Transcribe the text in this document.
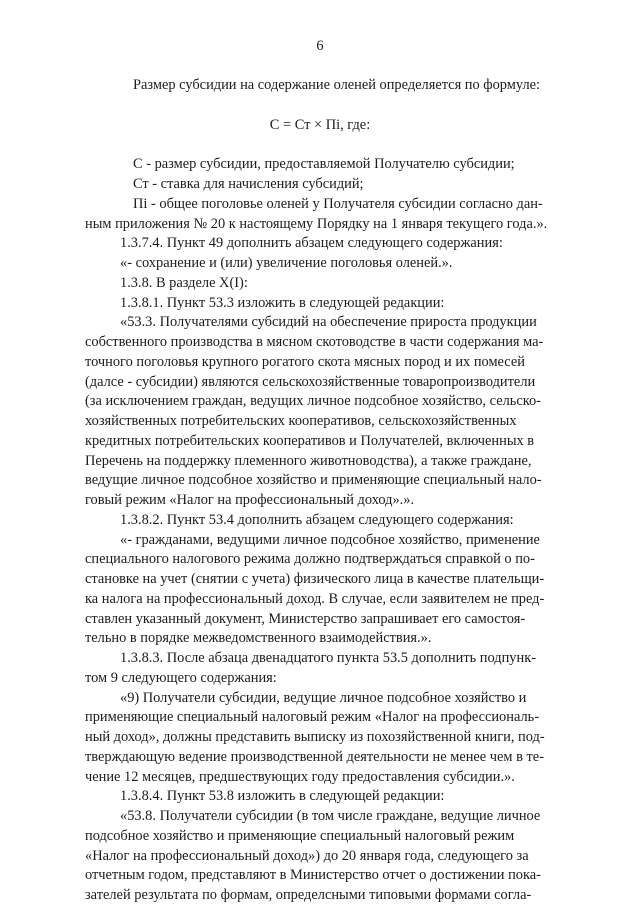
6
Размер субсидии на содержание оленей определяется по формуле:
С = Ст × Пi, где:
С - размер субсидии, предоставляемой Получателю субсидии;
Ст - ставка для начисления субсидий;
Пi - общее поголовье оленей у Получателя субсидии согласно дан-
ным приложения № 20 к настоящему Порядку на 1 января текущего года.».
1.3.7.4. Пункт 49 дополнить абзацем следующего содержания:
«- сохранение и (или) увеличение поголовья оленей.».
1.3.8. В разделе X(I):
1.3.8.1. Пункт 53.3 изложить в следующей редакции:
«53.3. Получателями субсидий на обеспечение прироста продукции
собственного производства в мясном скотоводстве в части содержания ма-
точного поголовья крупного рогатого скота мясных пород и их помесей
(далсе - субсидии) являются сельскохозяйственные товаропроизводители
(за исключением граждан, ведущих личное подсобное хозяйство, сельско-
хозяйственных потребительских кооперативов, сельскохозяйственных
кредитных потребительских кооперативов и Получателей, включенных в
Перечень на поддержку племенного животноводства), а также граждане,
ведущие личное подсобное хозяйство и применяющие специальный нало-
говый режим «Налог на профессиональный доход».».
1.3.8.2. Пункт 53.4 дополнить абзацем следующего содержания:
«- гражданами, ведущими личное подсобное хозяйство, применение
специального налогового режима должно подтверждаться справкой о по-
становке на учет (снятии с учета) физического лица в качестве плательщи-
ка налога на профессиональный доход. В случае, если заявителем не пред-
ставлен указанный документ, Министерство запрашивает его самостоя-
тельно в порядке межведомственного взаимодействия.».
1.3.8.3. После абзаца двенадцатого пункта 53.5 дополнить подпунк-
том 9 следующего содержания:
«9) Получатели субсидии, ведущие личное подсобное хозяйство и
применяющие специальный налоговый режим «Налог на профессиональ-
ный доход», должны представить выписку из похозяйственной книги, под-
тверждающую ведение производственной деятельности не менее чем в те-
чение 12 месяцев, предшествующих году предоставления субсидии.».
1.3.8.4. Пункт 53.8 изложить в следующей редакции:
«53.8. Получатели субсидии (в том числе граждане, ведущие личное
подсобное хозяйство и применяющие специальный налоговый режим
«Налог на профессиональный доход») до 20 января года, следующего за
отчетным годом, представляют в Министерство отчет о достижении пока-
зателей результата по формам, определсными типовыми формами согла-
